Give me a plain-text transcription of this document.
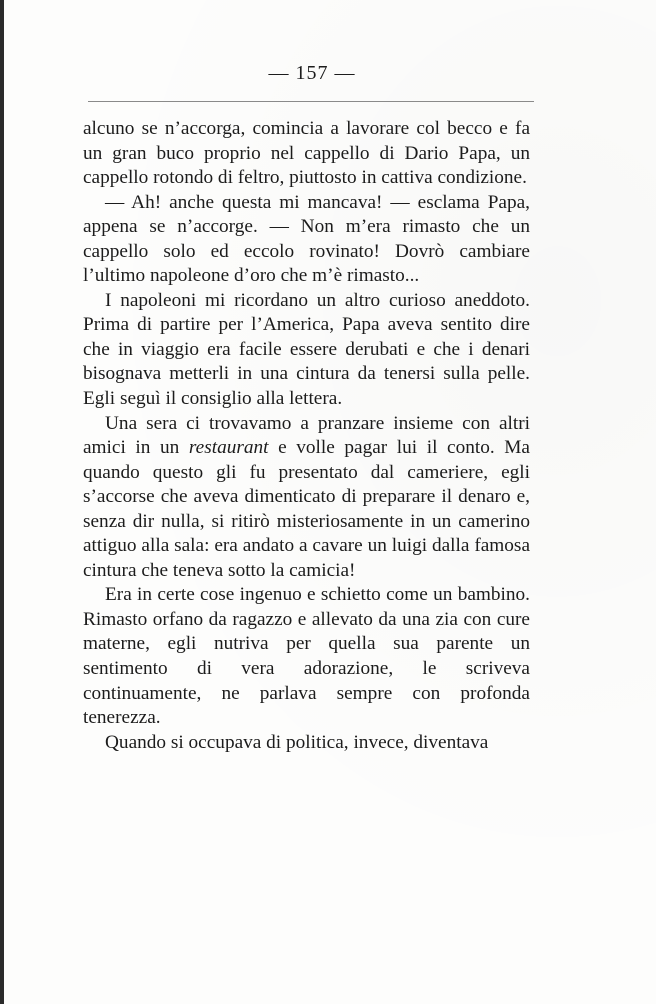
— 157 —

alcuno se n’accorga, comincia a lavorare col becco e fa un gran buco proprio nel cappello di Dario Papa, un cappello rotondo di feltro, piuttosto in cattiva condizione.

— Ah! anche questa mi mancava! — esclama Papa, appena se n’accorge. — Non m’era rimasto che un cappello solo ed eccolo rovinato! Dovrò cambiare l’ultimo napoleone d’oro che m’è rimasto...

I napoleoni mi ricordano un altro curioso aneddoto. Prima di partire per l’America, Papa aveva sentito dire che in viaggio era facile essere derubati e che i denari bisognava metterli in una cintura da tenersi sulla pelle. Egli seguì il consiglio alla lettera.

Una sera ci trovavamo a pranzare insieme con altri amici in un restaurant e volle pagar lui il conto. Ma quando questo gli fu presentato dal cameriere, egli s’accorse che aveva dimenticato di preparare il denaro e, senza dir nulla, si ritirò misteriosamente in un camerino attiguo alla sala: era andato a cavare un luigi dalla famosa cintura che teneva sotto la camicia!

Era in certe cose ingenuo e schietto come un bambino. Rimasto orfano da ragazzo e allevato da una zia con cure materne, egli nutriva per quella sua parente un sentimento di vera adorazione, le scriveva continuamente, ne parlava sempre con profonda tenerezza.

Quando si occupava di politica, invece, diventava
